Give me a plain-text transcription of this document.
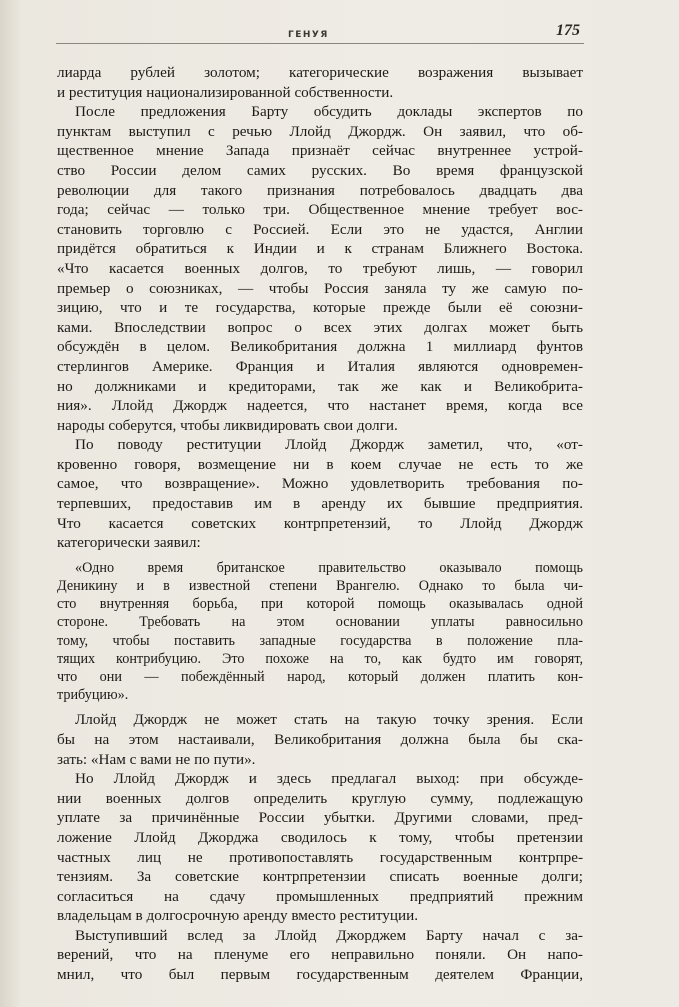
ГЕНУЯ	175
лиарда рублей золотом; категорические возражения вызывает
и реституция национализированной собственности.
После предложения Барту обсудить доклады экспертов по
пунктам выступил с речью Ллойд Джордж. Он заявил, что об-
щественное мнение Запада признаёт сейчас внутреннее устрой-
ство России делом самих русских. Во время французской
революции для такого признания потребовалось двадцать два
года; сейчас — только три. Общественное мнение требует вос-
становить торговлю с Россией. Если это не удастся, Англии
придётся обратиться к Индии и к странам Ближнего Востока.
«Что касается военных долгов, то требуют лишь, — говорил
премьер о союзниках, — чтобы Россия заняла ту же самую по-
зицию, что и те государства, которые прежде были её союзни-
ками. Впоследствии вопрос о всех этих долгах может быть
обсуждён в целом. Великобритания должна 1 миллиард фунтов
стерлингов Америке. Франция и Италия являются одновремен-
но должниками и кредиторами, так же как и Великобрита-
ния». Ллойд Джордж надеется, что настанет время, когда все
народы соберутся, чтобы ликвидировать свои долги.
По поводу реституции Ллойд Джордж заметил, что, «от-
кровенно говоря, возмещение ни в коем случае не есть то же
самое, что возвращение». Можно удовлетворить требования по-
терпевших, предоставив им в аренду их бывшие предприятия.
Что касается советских контрпретензий, то Ллойд Джордж
категорически заявил:
«Одно время британское правительство оказывало помощь
Деникину и в известной степени Врангелю. Однако то была чи-
сто внутренняя борьба, при которой помощь оказывалась одной
стороне. Требовать на этом основании уплаты равносильно
тому, чтобы поставить западные государства в положение пла-
тящих контрибуцию. Это похоже на то, как будто им говорят,
что они — побеждённый народ, который должен платить кон-
трибуцию».
Ллойд Джордж не может стать на такую точку зрения. Если
бы на этом настаивали, Великобритания должна была бы ска-
зать: «Нам с вами не по пути».
Но Ллойд Джордж и здесь предлагал выход: при обсужде-
нии военных долгов определить круглую сумму, подлежащую
уплате за причинённые России убытки. Другими словами, пред-
ложение Ллойд Джорджа сводилось к тому, чтобы претензии
частных лиц не противопоставлять государственным контрпре-
тензиям. За советские контрпретензии списать военные долги;
согласиться на сдачу промышленных предприятий прежним
владельцам в долгосрочную аренду вместо реституции.
Выступивший вслед за Ллойд Джорджем Барту начал с за-
верений, что на пленуме его неправильно поняли. Он напо-
мнил, что был первым государственным деятелем Франции,
